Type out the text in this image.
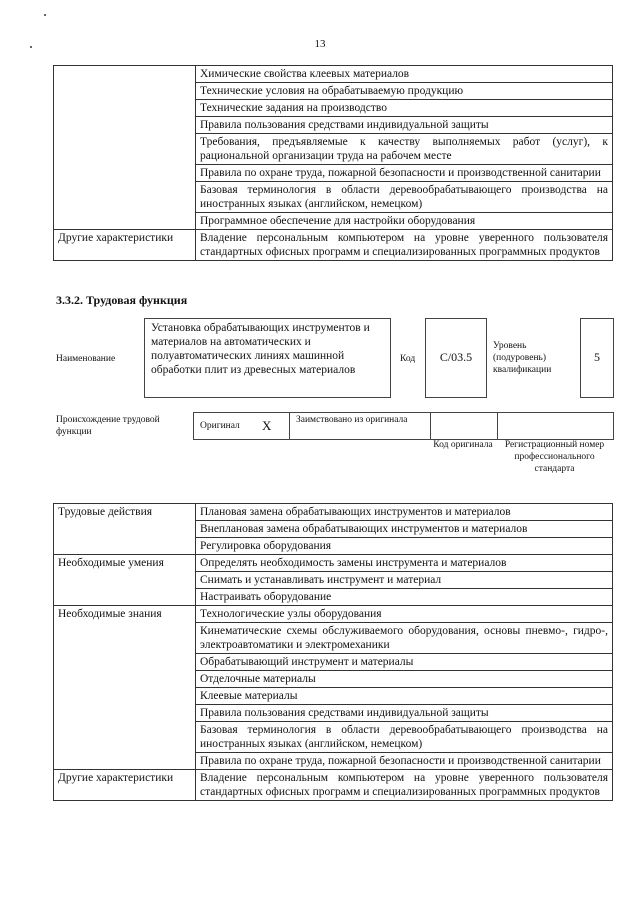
13
	Химические свойства клеевых материалов
	Технические условия на обрабатываемую продукцию
	Технические задания на производство
	Правила пользования средствами индивидуальной защиты
	Требования, предъявляемые к качеству выполняемых работ (услуг), к рациональной организации труда на рабочем месте
	Правила по охране труда, пожарной безопасности и производственной санитарии
	Базовая терминология в области деревообрабатывающего производства на иностранных языках (английском, немецком)
	Программное обеспечение для настройки оборудования
Другие характеристики	Владение персональным компьютером на уровне уверенного пользователя стандартных офисных программ и специализированных программных продуктов
3.3.2. Трудовая функция
Наименование
Установка обрабатывающих инструментов и материалов на автоматических и полуавтоматических линиях машинной обработки плит из древесных материалов
Код	С/03.5
Уровень (подуровень) квалификации
5
Происхождение трудовой функции
Оригинал X	Заимствовано из оригинала
Код оригинала	Регистрационный номер профессионального стандарта
Трудовые действия	Плановая замена обрабатывающих инструментов и материалов
	Внеплановая замена обрабатывающих инструментов и материалов
	Регулировка оборудования
Необходимые умения	Определять необходимость замены инструмента и материалов
	Снимать и устанавливать инструмент и материал
	Настраивать оборудование
Необходимые знания	Технологические узлы оборудования
	Кинематические схемы обслуживаемого оборудования, основы пневмо-, гидро-, электроавтоматики и электромеханики
	Обрабатывающий инструмент и материалы
	Отделочные материалы
	Клеевые материалы
	Правила пользования средствами индивидуальной защиты
	Базовая терминология в области деревообрабатывающего производства на иностранных языках (английском, немецком)
	Правила по охране труда, пожарной безопасности и производственной санитарии
Другие характеристики	Владение персональным компьютером на уровне уверенного пользователя стандартных офисных программ и специализированных программных продуктов
